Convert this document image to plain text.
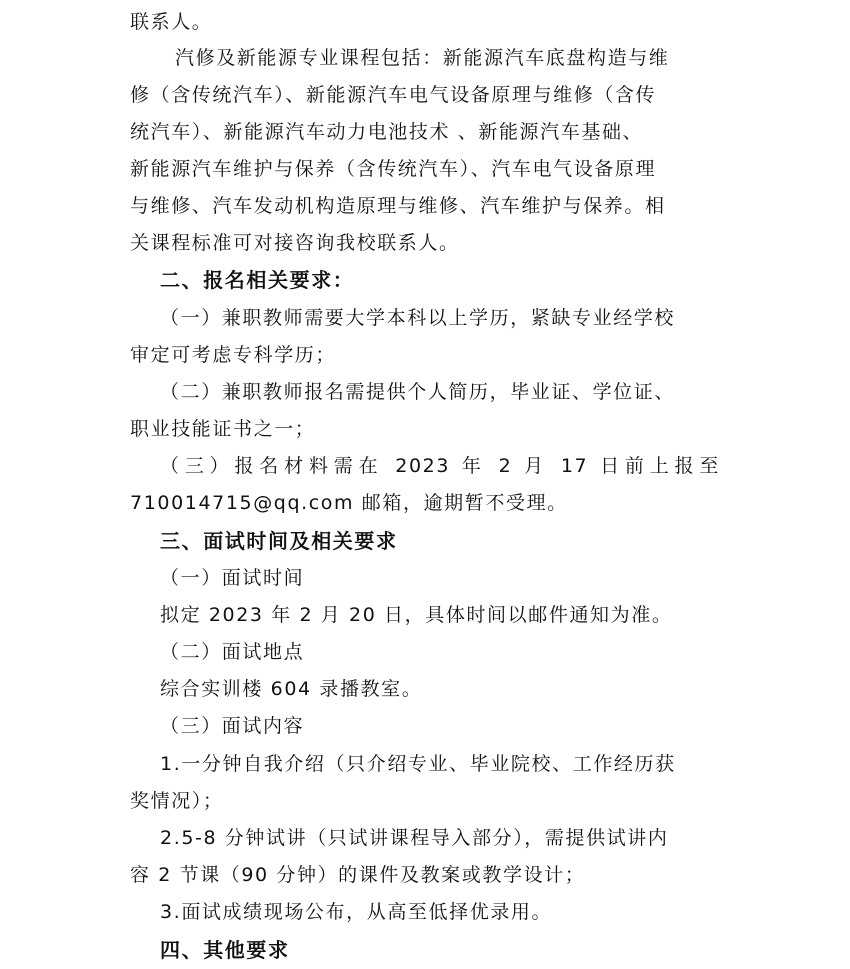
联系人。
汽修及新能源专业课程包括：新能源汽车底盘构造与维
修（含传统汽车）、新能源汽车电气设备原理与维修（含传
统汽车）、新能源汽车动力电池技术 、新能源汽车基础、
新能源汽车维护与保养（含传统汽车）、汽车电气设备原理
与维修、汽车发动机构造原理与维修、汽车维护与保养。相
关课程标准可对接咨询我校联系人。
二、报名相关要求：
（一）兼职教师需要大学本科以上学历，紧缺专业经学校
审定可考虑专科学历；
（二）兼职教师报名需提供个人简历，毕业证、学位证、
职业技能证书之一；
（三）报名材料需在 2023 年 2 月 17 日前上报至
710014715@qq.com 邮箱，逾期暂不受理。
三、面试时间及相关要求
（一）面试时间
拟定 2023 年 2 月 20 日，具体时间以邮件通知为准。
（二）面试地点
综合实训楼 604 录播教室。
（三）面试内容
1.一分钟自我介绍（只介绍专业、毕业院校、工作经历获
奖情况）；
2.5-8 分钟试讲（只试讲课程导入部分），需提供试讲内
容 2 节课（90 分钟）的课件及教案或教学设计；
3.面试成绩现场公布，从高至低择优录用。
四、其他要求
